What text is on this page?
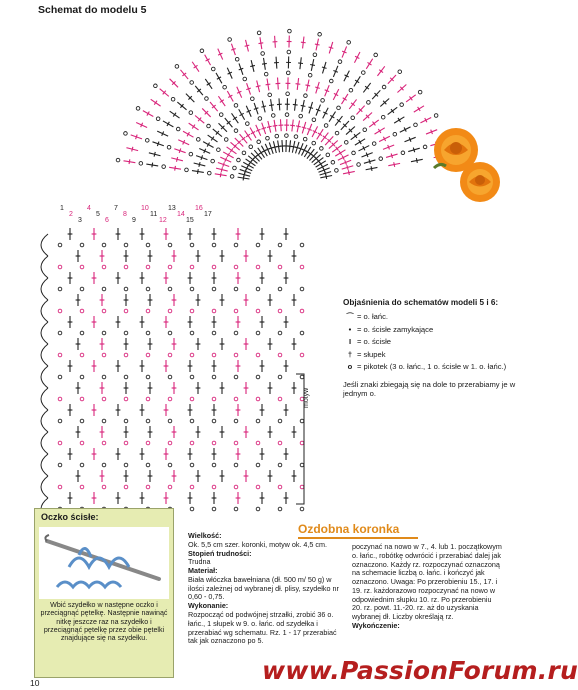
Schemat do modelu 5
1
2
3
4
5
6
7
8
9
10
11
12
13
14
15
16
17
motyw
Objaśnienia do schematów modeli 5 i 6:
⌒ = o. łańc.
• = o. ścisłe zamykające
I = o. ścisłe
† = słupek
o = pikotek (3 o. łańc., 1 o. ścisłe w 1. o. łańc.)
Jeśli znaki zbiegają się na dole to przerabiamy je w jednym o.
Oczko ścisłe:
Wbić szydełko w następne oczko i przeciągnąć pętelkę. Następnie nawinąć nitkę jeszcze raz na szydełko i przeciągnąć pętelkę przez obie pętelki znajdujące się na szydełku.
Ozdobna koronka
Wielkość:
Ok. 5,5 cm szer. koronki, motyw ok. 4,5 cm.
Stopień trudności:
Trudna
Materiał:
Biała włóczka bawełniana (dł. 500 m/ 50 g) w ilości zależnej od wybranej dł. plisy, szydełko nr 0,60 - 0,75.
Wykonanie:
Rozpocząć od podwójnej strzałki, zrobić 36 o. łańc., 1 słupek w 9. o. łańc. od szydełka i przerabiać wg schematu. Rz. 1 - 17 przerabiać tak jak oznaczono po 5.
poczynać na nowo w 7., 4. lub 1. początkowym o. łańc., robótkę odwrócić i przerabiać dalej jak oznaczono. Każdy rz. rozpoczynać oznaczoną na schemacie liczbą o. łańc. i kończyć jak oznaczono. Uwaga: Po przerobieniu 15., 17. i 19. rz. każdorazowo rozpoczynać na nowo w odpowiednim słupku 10. rz. Po przerobieniu 20. rz. powt. 11.-20. rz. aż do uzyskania wybranej dł. Liczby określają rz.
Wykończenie:
10	www.PassionForum.ru
